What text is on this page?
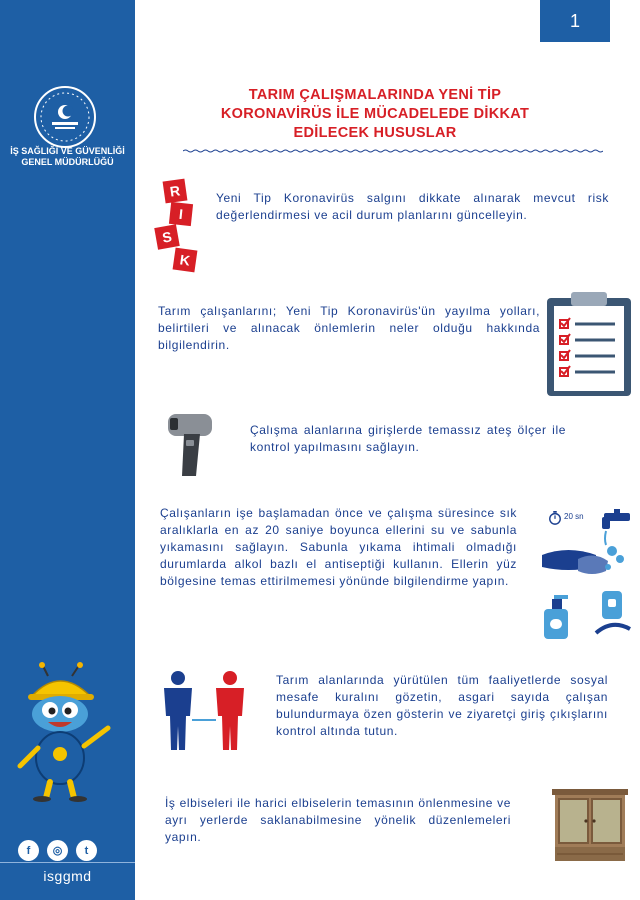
İŞ SAĞLIĞI VE GÜVENLİĞİ
GENEL MÜDÜRLÜĞÜ
f	◎	t
isggmd
1
TARIM ÇALIŞMALARINDA YENİ TİP
KORONAVİRÜS İLE MÜCADELEDE DİKKAT
EDİLECEK HUSUSLAR
R
I
S
K
Yeni Tip Koronavirüs salgını dikkate alınarak mevcut risk değerlendirmesi ve acil durum planlarını güncelleyin.
Tarım çalışanlarını; Yeni Tip Koronavirüs'ün yayılma yolları, belirtileri ve alınacak önlemlerin neler olduğu hakkında bilgilendirin.
Çalışma alanlarına girişlerde temassız ateş ölçer ile kontrol yapılmasını sağlayın.
Çalışanların işe başlamadan önce ve çalışma süresince sık aralıklarla en az 20 saniye boyunca ellerini su ve sabunla yıkamasını sağlayın. Sabunla yıkama ihtimali olmadığı durumlarda alkol bazlı el antiseptiği kullanın. Ellerin yüz bölgesine temas ettirilmemesi yönünde bilgilendirme yapın.
20 sn
Tarım alanlarında yürütülen tüm faaliyetlerde sosyal mesafe kuralını gözetin, asgari sayıda çalışan bulundurmaya özen gösterin ve ziyaretçi giriş çıkışlarını kontrol altında tutun.
İş elbiseleri ile harici elbiselerin temasının önlenmesine ve ayrı yerlerde saklanabilmesine yönelik düzenlemeleri yapın.
